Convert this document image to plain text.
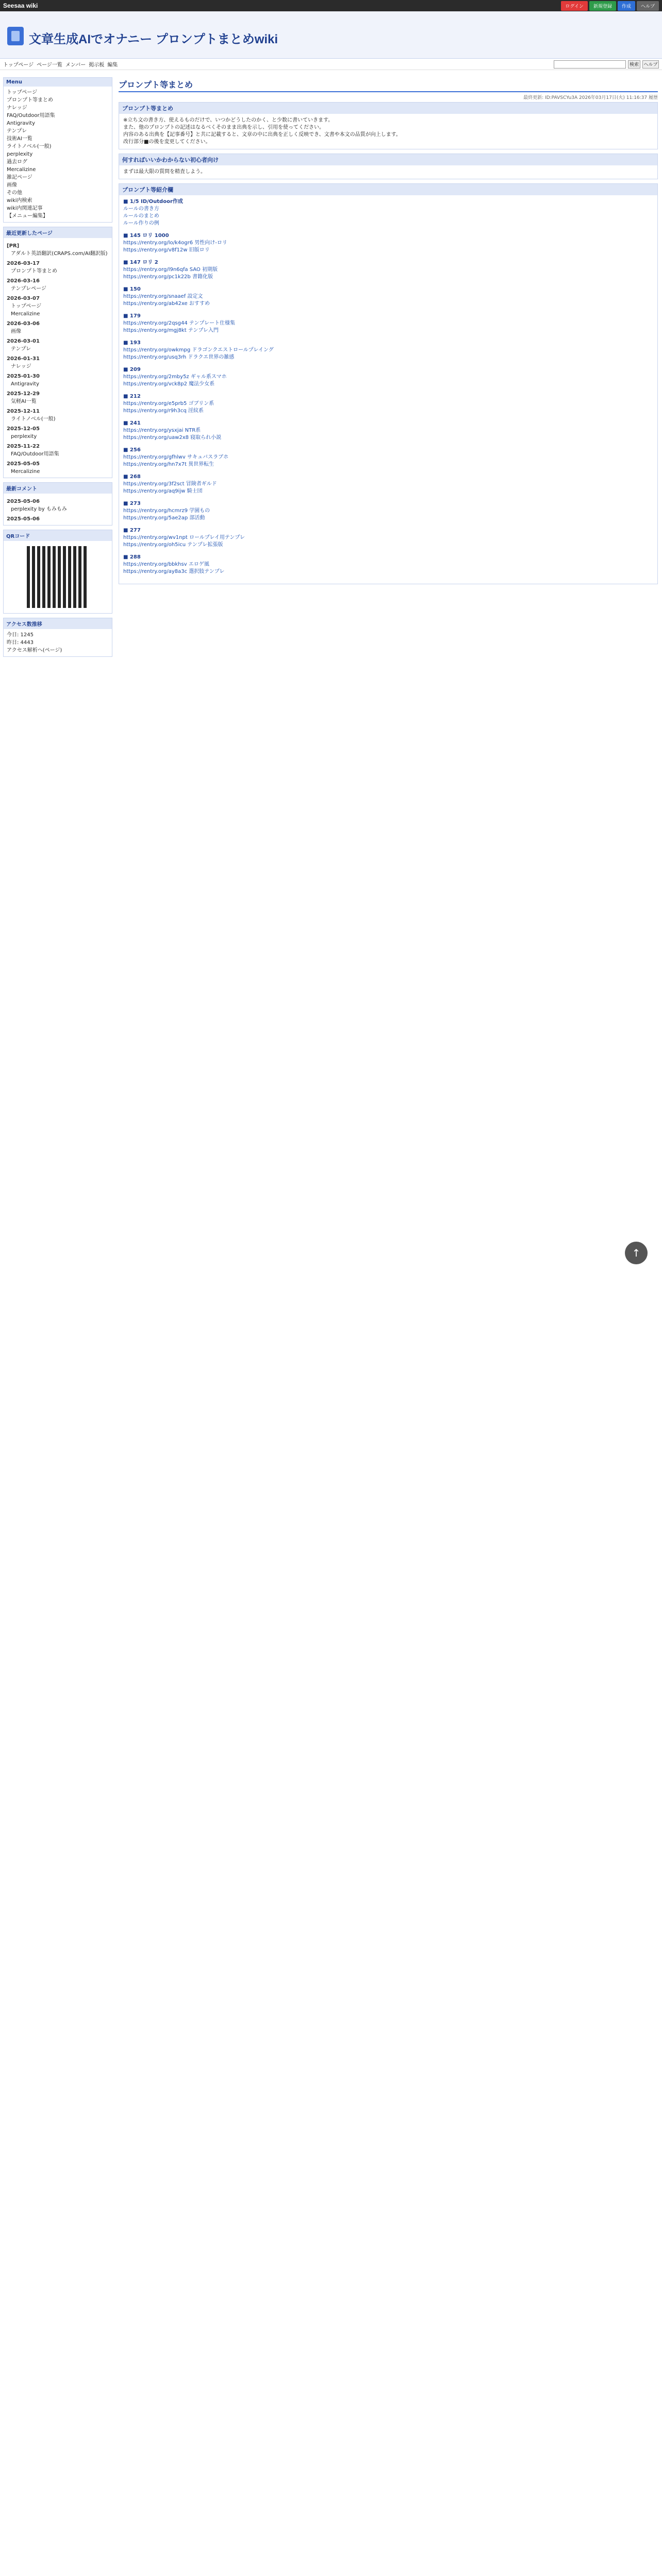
Seesaa wiki	ログイン	新規登録	作成	ヘルプ
文章生成AIでオナニー プロンプトまとめwiki
トップページ ページ一覧 メンバー 掲示板 編集	検索	ヘルプ
Menu
トップページ
プロンプト等まとめ
ナレッジ
FAQ/Outdoor用語集
Antigravity
テンプレ
技術AI一覧
ライトノベル(一般)
perplexity
過去ログ
Mercalizine
雑記ページ
画像
その他
wiki内検索
wiki内関連記事
【メニュー編集】
最近更新したページ
[PR]
アダルト英語翻訳(CRAPS.com/AI翻訳版)
2026-03-17
プロンプト等まとめ
2026-03-16
テンプレページ
2026-03-07
トップページ
Mercalizine
2026-03-06
画像
2026-03-01
テンプレ
2026-01-31
ナレッジ
2025-01-30
Antigravity
2025-12-29
気軽AI一覧
2025-12-11
ライトノベル(一般)
2025-12-05
perplexity
2025-11-22
FAQ/Outdoor用語集
2025-05-05
Mercalizine
最新コメント
2025-05-06
perplexity by もみもみ
2025-05-06
QRコード
アクセス数推移
今日: 1245
昨日: 4443
アクセス解析へ(ページ)
プロンプト等まとめ
最終更新: ID:PAVSCYu3A 2026年03月17日(火) 11:16:37 履歴
プロンプト等まとめ
※立ち文の書き方、使えるものだけで、いつかどうしたのかく、と少数に書いていきます。
また、他のプロンプトの記述はなるべくそのまま出典を示し、引用を使ってください。
内容のある出典を【記事番号】と共に記載すると、文章の中に出典を正しく反映でき、文書や本文の品質が向上します。
改行部分■の後を変更してください。
何すればいいかわからない初心者向け
まずは最大限の質問を精査しよう。
プロンプト等紹介欄
■ 1/5 ID/Outdoor作成
ルールの書き方
ルールのまとめ
ルール作りの例
■ 145 ロリ 1000
https://rentry.org/lo/k4ogr6 男性向け-ロリ
https://rentry.org/v8f12w 旧版ロリ
■ 147 ロリ 2
https://rentry.org/l9n6qfa SAO 初期版
https://rentry.org/pc1k22b 書籍化版
■ 150
https://rentry.org/snaaef 設定文
https://rentry.org/ab42xe おすすめ
■ 179
https://rentry.org/2qsg44 テンプレート仕様集
https://rentry.org/mgj8kt テンプレ入門
■ 193
https://rentry.org/owkmpg ドラゴンクエストロールプレイング
https://rentry.org/usq3rh ドラクエ世界の雑感
■ 209
https://rentry.org/2mby5z ギャル系スマホ
https://rentry.org/vck8p2 魔法少女系
■ 212
https://rentry.org/e5prb5 ゴブリン系
https://rentry.org/r9h3cq 淫紋系
■ 241
https://rentry.org/ysxjai NTR系
https://rentry.org/uaw2x8 寝取られ小説
■ 256
https://rentry.org/gfhlwv サキュバスラブホ
https://rentry.org/hn7x7t 異世界転生
■ 268
https://rentry.org/3f2sct 冒険者ギルド
https://rentry.org/aq9ijw 騎士団
■ 273
https://rentry.org/hcmrz9 学園もの
https://rentry.org/5ae2ap 部活動
■ 277
https://rentry.org/wv1npt ロールプレイ用テンプレ
https://rentry.org/oh5icu テンプレ拡張版
■ 288
https://rentry.org/bbkhsv エロゲ風
https://rentry.org/ay8a3c 選択肢テンプレ
↑
